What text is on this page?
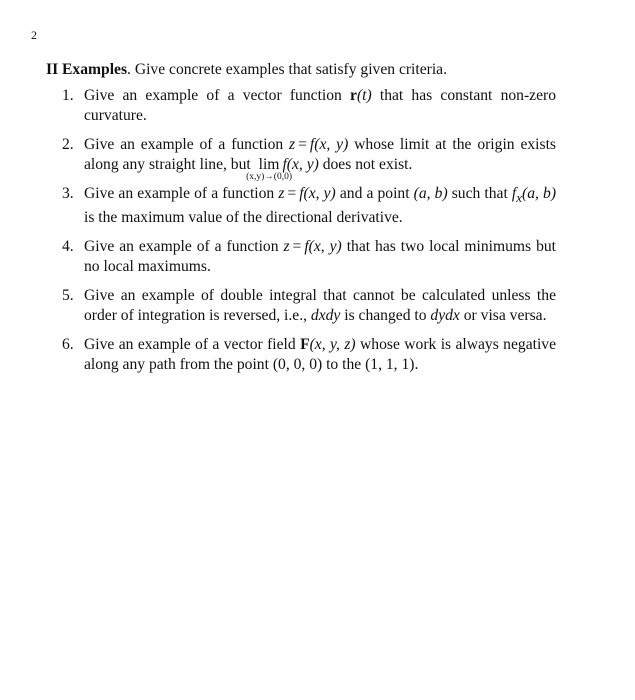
2

II Examples. Give concrete examples that satisfy given criteria.

1. Give an example of a vector function r(t) that has constant non-zero curvature.
2. Give an example of a function z = f(x, y) whose limit at the origin exists along any straight line, but lim
(x,y)→(0,0)
f(x, y) does not exist.
3. Give an example of a function z = f(x, y) and a point (a, b) such that $f_x(a$, b) is the maximum value of the directional derivative.
4. Give an example of a function z = f(x, y) that has two local minimums but no local maximums.
5. Give an example of double integral that cannot be calculated unless the order of integration is reversed, i.e., dxdy is changed to dydx or visa versa.
6. Give an example of a vector field F(x, y, z) whose work is always negative along any path from the point (0, 0, 0) to the (1, 1, 1).
